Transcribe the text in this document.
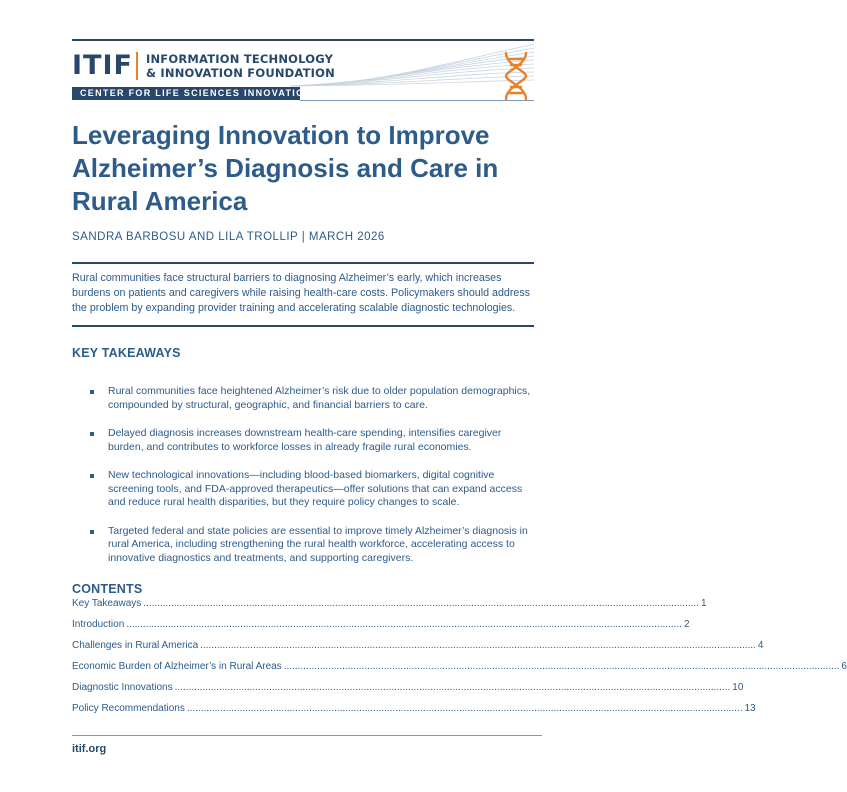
ITIF INFORMATION TECHNOLOGY
& INNOVATION FOUNDATION
CENTER FOR LIFE SCIENCES INNOVATION
Leveraging Innovation to Improve Alzheimer’s Diagnosis and Care in Rural America
SANDRA BARBOSU AND LILA TROLLIP | MARCH 2026

Rural communities face structural barriers to diagnosing Alzheimer’s early, which increases burdens on patients and caregivers while raising health-care costs. Policymakers should address the problem by expanding provider training and accelerating scalable diagnostic technologies.

KEY TAKEAWAYS
Rural communities face heightened Alzheimer’s risk due to older population demographics, compounded by structural, geographic, and financial barriers to care.
Delayed diagnosis increases downstream health-care spending, intensifies caregiver burden, and contributes to workforce losses in already fragile rural economies.
New technological innovations—including blood-based biomarkers, digital cognitive screening tools, and FDA-approved therapeutics—offer solutions that can expand access and reduce rural health disparities, but they require policy changes to scale.
Targeted federal and state policies are essential to improve timely Alzheimer’s diagnosis in rural America, including strengthening the rural health workforce, accelerating access to innovative diagnostics and treatments, and supporting caregivers.
CONTENTS
Key Takeaways ........................................................................................................................................................................................................ 1
Introduction ........................................................................................................................................................................................................ 2
Challenges in Rural America ........................................................................................................................................................................................................ 4
Economic Burden of Alzheimer’s in Rural Areas ........................................................................................................................................................................................................ 6
Diagnostic Innovations ........................................................................................................................................................................................................ 10
Policy Recommendations ........................................................................................................................................................................................................ 13
itif.org
